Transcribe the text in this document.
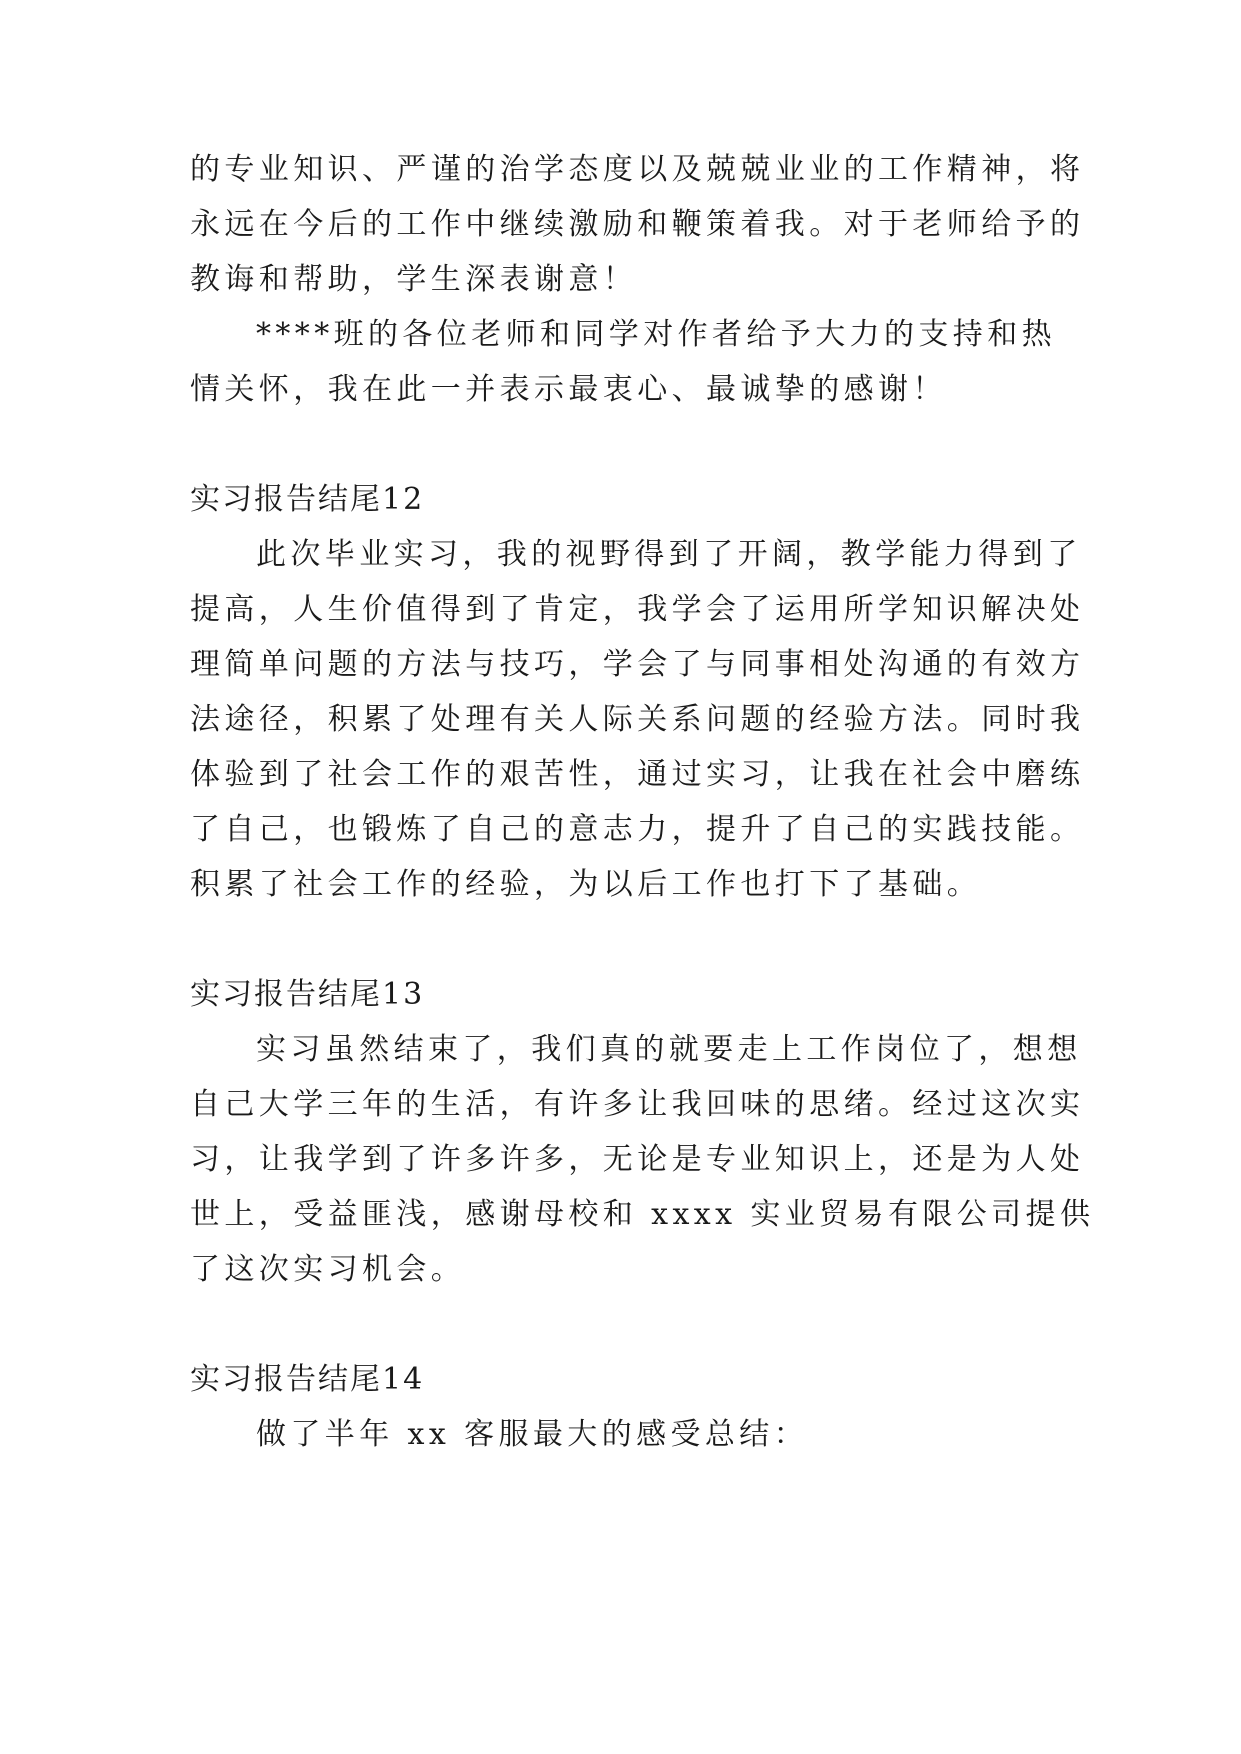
的专业知识、严谨的治学态度以及兢兢业业的工作精神，将
永远在今后的工作中继续激励和鞭策着我。对于老师给予的
教诲和帮助，学生深表谢意！
****班的各位老师和同学对作者给予大力的支持和热
情关怀，我在此一并表示最衷心、最诚挚的感谢！
实习报告结尾12
此次毕业实习，我的视野得到了开阔，教学能力得到了
提高，人生价值得到了肯定，我学会了运用所学知识解决处
理简单问题的方法与技巧，学会了与同事相处沟通的有效方
法途径，积累了处理有关人际关系问题的经验方法。同时我
体验到了社会工作的艰苦性，通过实习，让我在社会中磨练
了自己，也锻炼了自己的意志力，提升了自己的实践技能。
积累了社会工作的经验，为以后工作也打下了基础。
实习报告结尾13
实习虽然结束了，我们真的就要走上工作岗位了，想想
自己大学三年的生活，有许多让我回味的思绪。经过这次实
习，让我学到了许多许多，无论是专业知识上，还是为人处
世上，受益匪浅，感谢母校和 xxxx 实业贸易有限公司提供
了这次实习机会。
实习报告结尾14
做了半年 xx 客服最大的感受总结：
